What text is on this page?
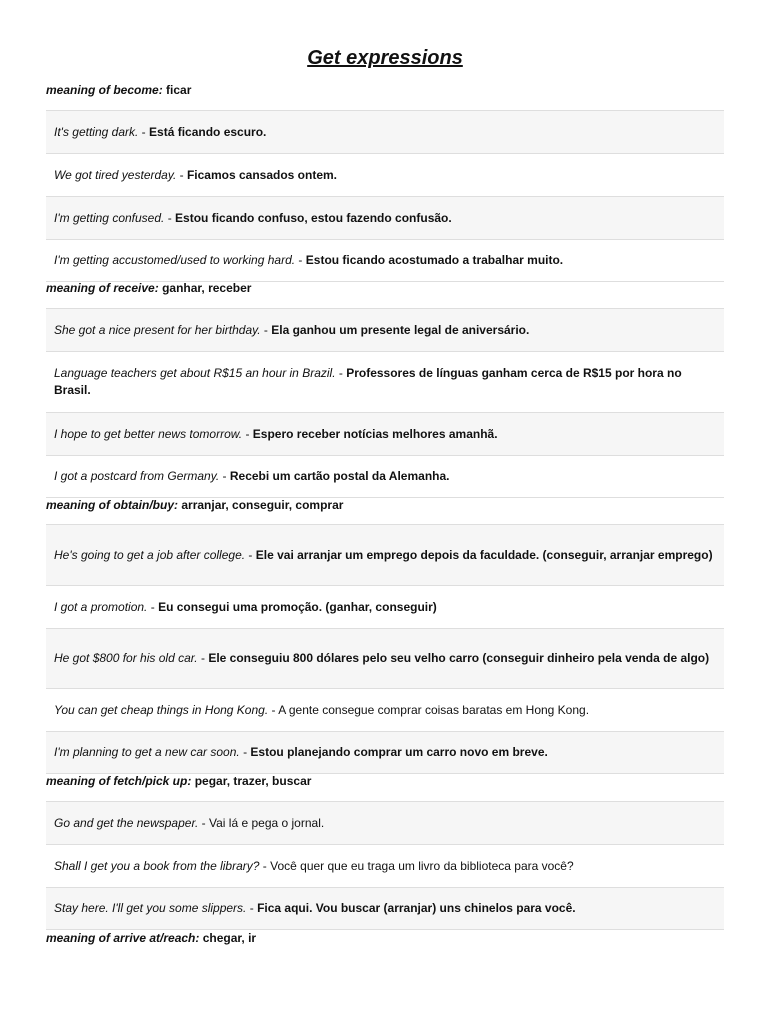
Get expressions
meaning of become: ficar
It's getting dark. - Está ficando escuro.
We got tired yesterday. - Ficamos cansados ontem.
I'm getting confused. - Estou ficando confuso, estou fazendo confusão.
I'm getting accustomed/used to working hard. - Estou ficando acostumado a trabalhar muito.
meaning of receive: ganhar, receber
She got a nice present for her birthday. - Ela ganhou um presente legal de aniversário.
Language teachers get about R$15 an hour in Brazil. - Professores de línguas ganham cerca de R$15 por hora no Brasil.
I hope to get better news tomorrow. - Espero receber notícias melhores amanhã.
I got a postcard from Germany. - Recebi um cartão postal da Alemanha.
meaning of obtain/buy: arranjar, conseguir, comprar
He's going to get a job after college. - Ele vai arranjar um emprego depois da faculdade. (conseguir, arranjar emprego)
I got a promotion. - Eu consegui uma promoção. (ganhar, conseguir)
He got $800 for his old car. - Ele conseguiu 800 dólares pelo seu velho carro (conseguir dinheiro pela venda de algo)
You can get cheap things in Hong Kong. - A gente consegue comprar coisas baratas em Hong Kong.
I'm planning to get a new car soon. - Estou planejando comprar um carro novo em breve.
meaning of fetch/pick up: pegar, trazer, buscar
Go and get the newspaper. - Vai lá e pega o jornal.
Shall I get you a book from the library? - Você quer que eu traga um livro da biblioteca para você?
Stay here. I'll get you some slippers. - Fica aqui. Vou buscar (arranjar) uns chinelos para você.
meaning of arrive at/reach: chegar, ir
